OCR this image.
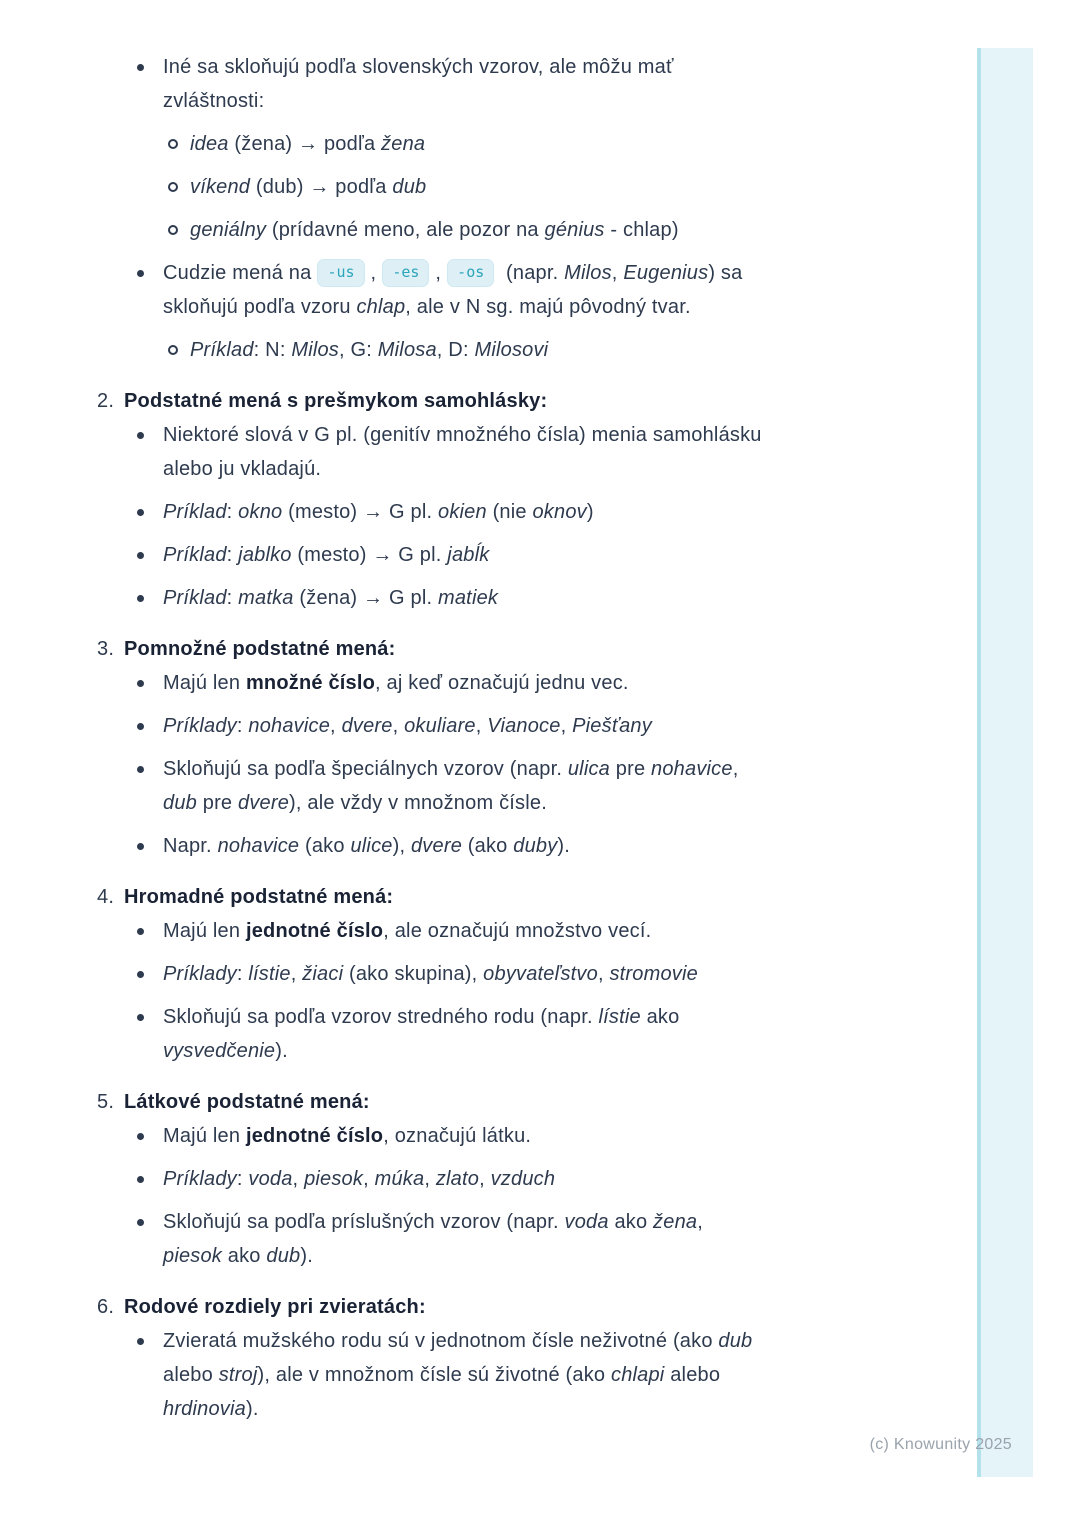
Iné sa skloňujú podľa slovenských vzorov, ale môžu mať
zvláštnosti:
idea (žena) → podľa žena
víkend (dub) → podľa dub
geniálny (prídavné meno, ale pozor na génius - chlap)
Cudzie mená na -us , -es , -os (napr. Milos, Eugenius) sa
skloňujú podľa vzoru chlap, ale v N sg. majú pôvodný tvar.
Príklad: N: Milos, G: Milosa, D: Milosovi
2. Podstatné mená s prešmykom samohlásky:
Niektoré slová v G pl. (genitív množného čísla) menia samohlásku
alebo ju vkladajú.
Príklad: okno (mesto) → G pl. okien (nie oknov)
Príklad: jablko (mesto) → G pl. jabĺk
Príklad: matka (žena) → G pl. matiek
3. Pomnožné podstatné mená:
Majú len množné číslo, aj keď označujú jednu vec.
Príklady: nohavice, dvere, okuliare, Vianoce, Piešťany
Skloňujú sa podľa špeciálnych vzorov (napr. ulica pre nohavice,
dub pre dvere), ale vždy v množnom čísle.
Napr. nohavice (ako ulice), dvere (ako duby).
4. Hromadné podstatné mená:
Majú len jednotné číslo, ale označujú množstvo vecí.
Príklady: lístie, žiaci (ako skupina), obyvateľstvo, stromovie
Skloňujú sa podľa vzorov stredného rodu (napr. lístie ako
vysvedčenie).
5. Látkové podstatné mená:
Majú len jednotné číslo, označujú látku.
Príklady: voda, piesok, múka, zlato, vzduch
Skloňujú sa podľa príslušných vzorov (napr. voda ako žena,
piesok ako dub).
6. Rodové rozdiely pri zvieratách:
Zvieratá mužského rodu sú v jednotnom čísle neživotné (ako dub
alebo stroj), ale v množnom čísle sú životné (ako chlapi alebo
hrdinovia).
(c) Knowunity 2025
